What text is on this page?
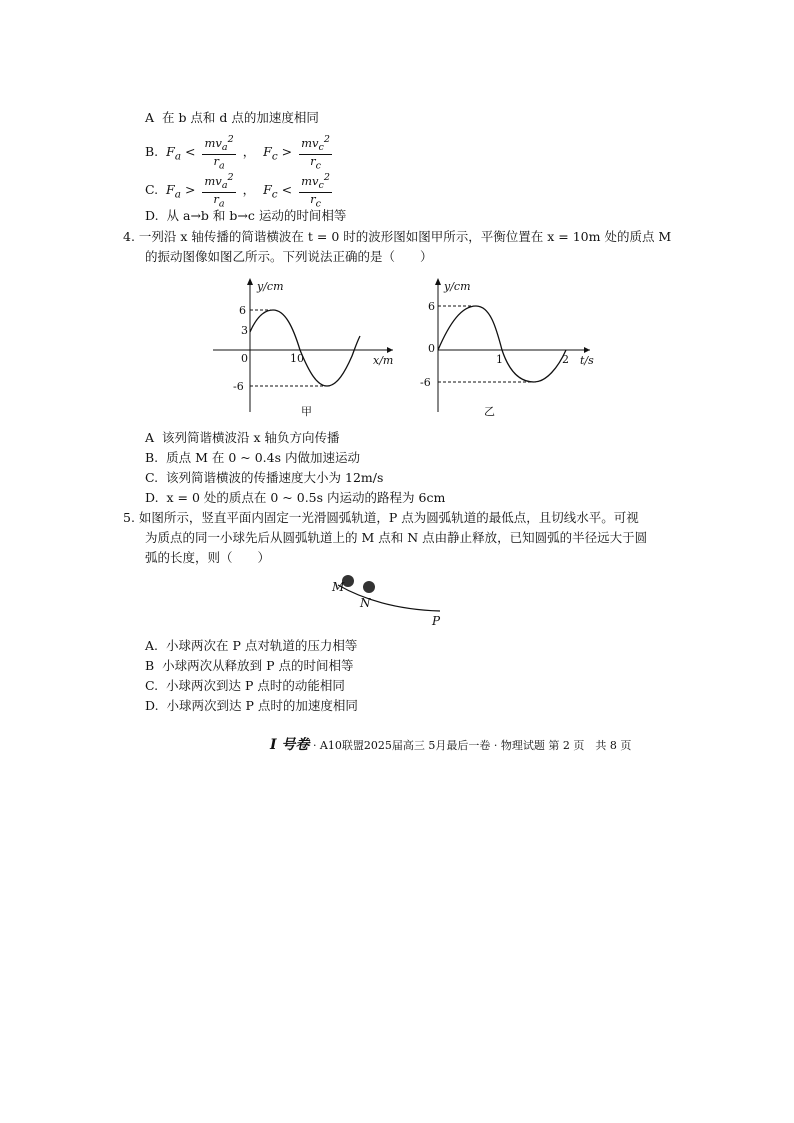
A 在 b 点和 d 点的加速度相同
B. $F_a < \frac{mv_a^2}{r_a}$ ， $F_c > \frac{mv_c^2}{r_c}$
C. $F_a > \frac{mv_a^2}{r_a}$ ， $F_c < \frac{mv_c^2}{r_c}$
D. 从 a→b 和 b→c 运动的时间相等
4. 一列沿 x 轴传播的简谐横波在 t = 0 时的波形图如图甲所示，平衡位置在 x = 10m 处的质点 M
的振动图像如图乙所示。下列说法正确的是（　　）
y/cm
x/m
6
3
0
-6
10
甲
y/cm
t/s
6
0
-6
1	2
乙
A 该列简谐横波沿 x 轴负方向传播
B. 质点 M 在 0 ~ 0.4s 内做加速运动
C. 该列简谐横波的传播速度大小为 12m/s
D. x = 0 处的质点在 0 ~ 0.5s 内运动的路程为 6cm
5. 如图所示，竖直平面内固定一光滑圆弧轨道，P 点为圆弧轨道的最低点，且切线水平。可视
为质点的同一小球先后从圆弧轨道上的 M 点和 N 点由静止释放，已知圆弧的半径远大于圆
弧的长度，则（　　）
M
N
P
A. 小球两次在 P 点对轨道的压力相等
B 小球两次从释放到 P 点的时间相等
C. 小球两次到达 P 点时的动能相同
D. 小球两次到达 P 点时的加速度相同
I 号卷 · A10联盟2025届高三 5月最后一卷 · 物理试题 第 2 页　共 8 页
